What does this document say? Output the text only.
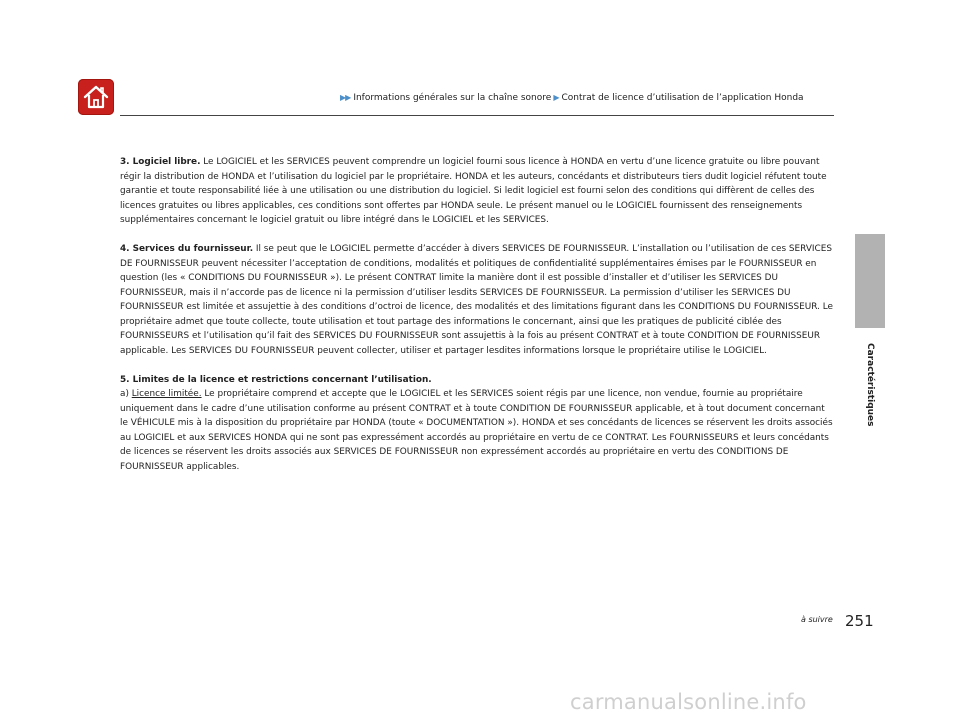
▶▶ Informations générales sur la chaîne sonore ▶ Contrat de licence d’utilisation de l’application Honda

3. Logiciel libre. Le LOGICIEL et les SERVICES peuvent comprendre un logiciel fourni sous licence à HONDA en vertu d’une licence gratuite ou libre pouvant régir la distribution de HONDA et l’utilisation du logiciel par le propriétaire. HONDA et les auteurs, concédants et distributeurs tiers dudit logiciel réfutent toute garantie et toute responsabilité liée à une utilisation ou une distribution du logiciel. Si ledit logiciel est fourni selon des conditions qui diffèrent de celles des licences gratuites ou libres applicables, ces conditions sont offertes par HONDA seule. Le présent manuel ou le LOGICIEL fournissent des renseignements supplémentaires concernant le logiciel gratuit ou libre intégré dans le LOGICIEL et les SERVICES.

4. Services du fournisseur. Il se peut que le LOGICIEL permette d’accéder à divers SERVICES DE FOURNISSEUR. L’installation ou l’utilisation de ces SERVICES DE FOURNISSEUR peuvent nécessiter l’acceptation de conditions, modalités et politiques de confidentialité supplémentaires émises par le FOURNISSEUR en question (les « CONDITIONS DU FOURNISSEUR »). Le présent CONTRAT limite la manière dont il est possible d’installer et d’utiliser les SERVICES DU FOURNISSEUR, mais il n’accorde pas de licence ni la permission d’utiliser lesdits SERVICES DE FOURNISSEUR. La permission d’utiliser les SERVICES DU FOURNISSEUR est limitée et assujettie à des conditions d’octroi de licence, des modalités et des limitations figurant dans les CONDITIONS DU FOURNISSEUR. Le propriétaire admet que toute collecte, toute utilisation et tout partage des informations le concernant, ainsi que les pratiques de publicité ciblée des FOURNISSEURS et l’utilisation qu’il fait des SERVICES DU FOURNISSEUR sont assujettis à la fois au présent CONTRAT et à toute CONDITION DE FOURNISSEUR applicable. Les SERVICES DU FOURNISSEUR peuvent collecter, utiliser et partager lesdites informations lorsque le propriétaire utilise le LOGICIEL.

5. Limites de la licence et restrictions concernant l’utilisation.
a) Licence limitée. Le propriétaire comprend et accepte que le LOGICIEL et les SERVICES soient régis par une licence, non vendue, fournie au propriétaire uniquement dans le cadre d’une utilisation conforme au présent CONTRAT et à toute CONDITION DE FOURNISSEUR applicable, et à tout document concernant le VÉHICULE mis à la disposition du propriétaire par HONDA (toute « DOCUMENTATION »). HONDA et ses concédants de licences se réservent les droits associés au LOGICIEL et aux SERVICES HONDA qui ne sont pas expressément accordés au propriétaire en vertu de ce CONTRAT. Les FOURNISSEURS et leurs concédants de licences se réservent les droits associés aux SERVICES DE FOURNISSEUR non expressément accordés au propriétaire en vertu des CONDITIONS DE FOURNISSEUR applicables.

Caractéristiques
à suivre 251
carmanualsonline.info
